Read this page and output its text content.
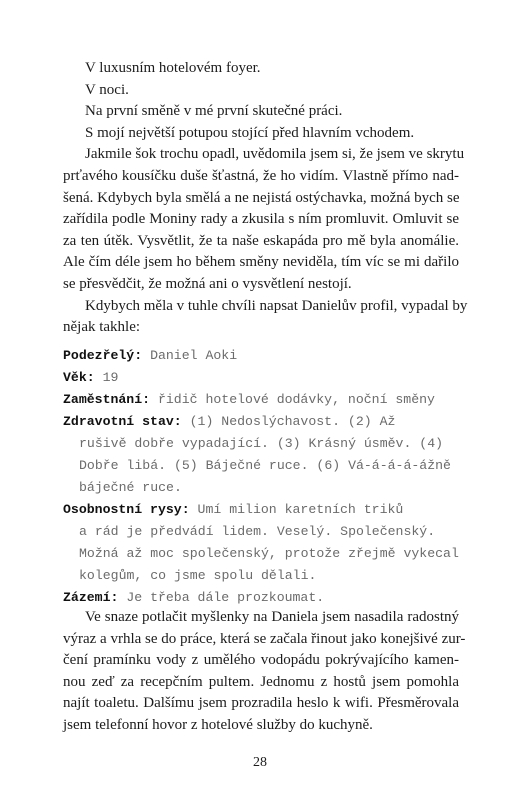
V luxusním hotelovém foyer.
V noci.
Na první směně v mé první skutečné práci.
S mojí největší potupou stojící před hlavním vchodem.
Jakmile šok trochu opadl, uvědomila jsem si, že jsem ve skrytu
prťavého kousíčku duše šťastná, že ho vidím. Vlastně přímo nad-
šená. Kdybych byla smělá a ne nejistá ostýchavka, možná bych se
zařídila podle Moniny rady a zkusila s ním promluvit. Omluvit se
za ten útěk. Vysvětlit, že ta naše eskapáda pro mě byla anomálie.
Ale čím déle jsem ho během směny neviděla, tím víc se mi dařilo
se přesvědčit, že možná ani o vysvětlení nestojí.
Kdybych měla v tuhle chvíli napsat Danielův profil, vypadal by
nějak takhle:
Podezřelý: Daniel Aoki
Věk: 19
Zaměstnání: řidič hotelové dodávky, noční směny
Zdravotní stav: (1) Nedoslýchavost. (2) Až
rušivě dobře vypadající. (3) Krásný úsměv. (4)
Dobře libá. (5) Báječné ruce. (6) Vá-á-á-á-ážně
báječné ruce.
Osobnostní rysy: Umí milion karetních triků
a rád je předvádí lidem. Veselý. Společenský.
Možná až moc společenský, protože zřejmě vykecal
kolegům, co jsme spolu dělali.
Zázemí: Je třeba dále prozkoumat.
Ve snaze potlačit myšlenky na Daniela jsem nasadila radostný
výraz a vrhla se do práce, která se začala řinout jako konejšivé zur-
čení pramínku vody z umělého vodopádu pokrývajícího kamen-
nou zeď za recepčním pultem. Jednomu z hostů jsem pomohla
najít toaletu. Dalšímu jsem prozradila heslo k wifi. Přesměrovala
jsem telefonní hovor z hotelové služby do kuchyně.
28
